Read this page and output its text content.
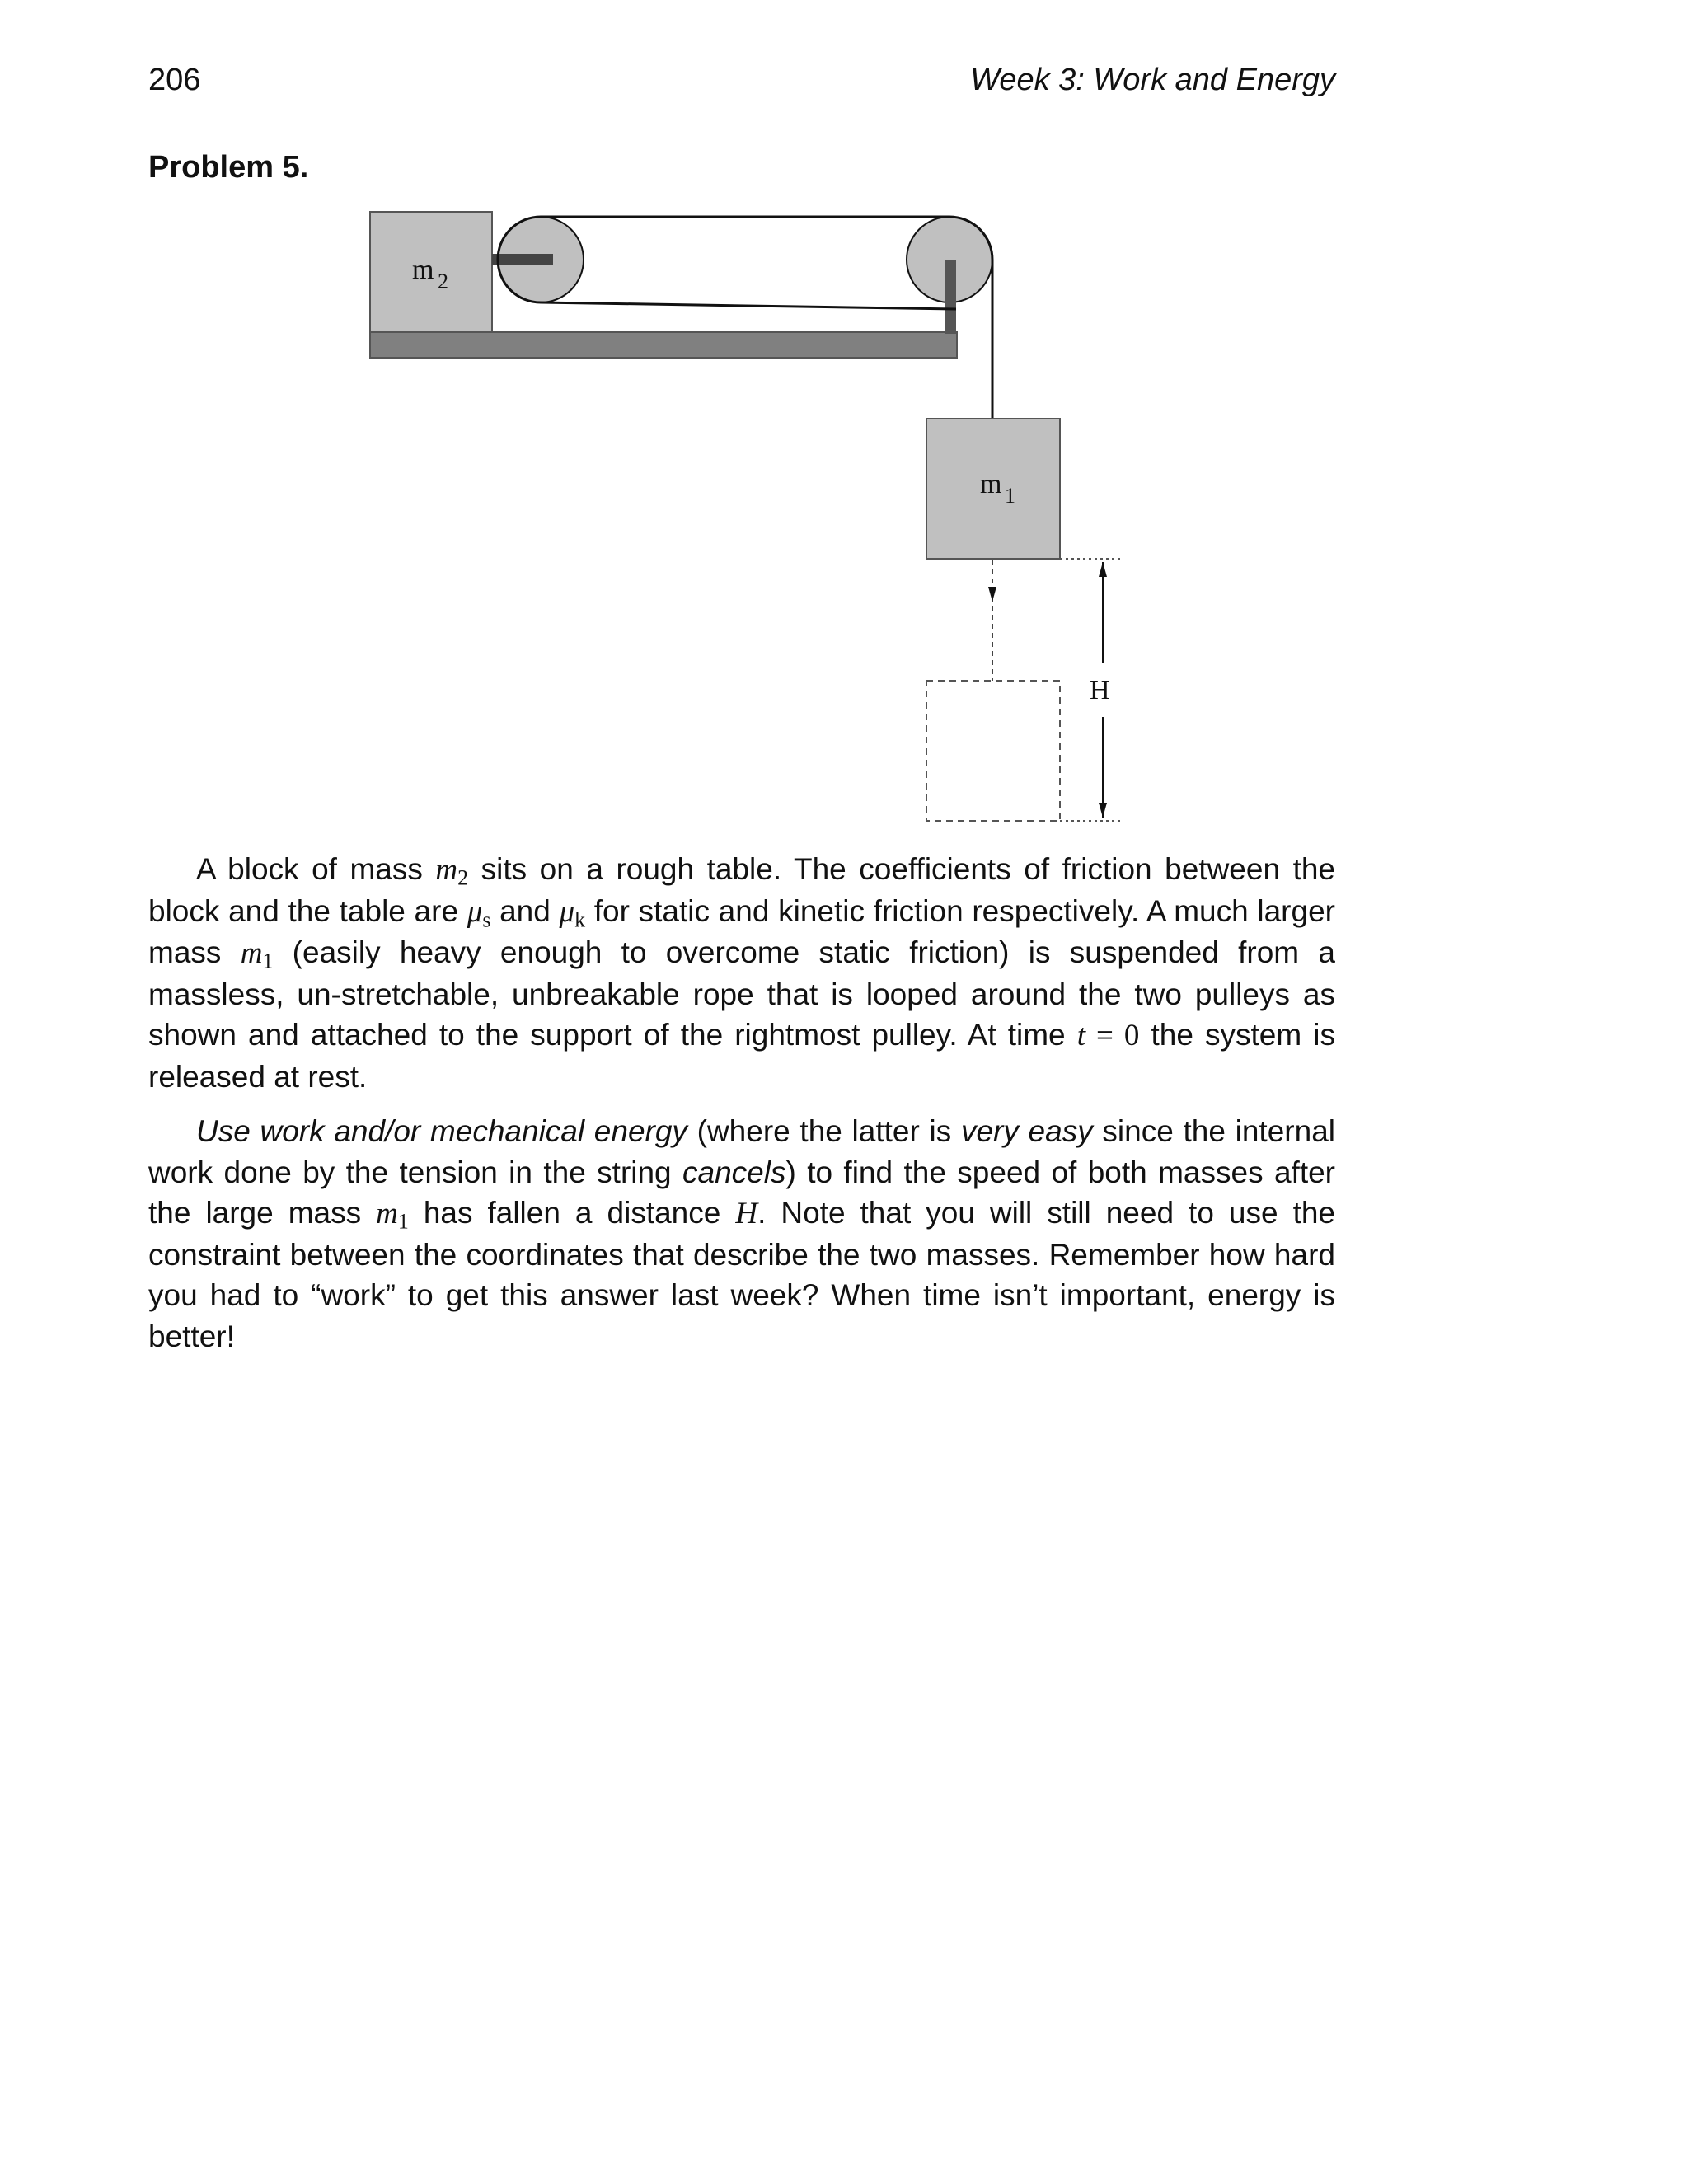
206	Week 3: Work and Energy
Problem 5.
m 2
m 1
H

A block of mass $m_2$ sits on a rough table. The coefficients of friction between the block and the table are $\mu_s$ and $\mu_k$ for static and kinetic friction respectively. A much larger mass $m_1$ (easily heavy enough to overcome static friction) is suspended from a massless, un-stretchable, unbreakable rope that is looped around the two pulleys as shown and attached to the support of the rightmost pulley. At time t = 0 the system is released at rest.

Use work and/or mechanical energy (where the latter is very easy since the internal work done by the tension in the string cancels) to find the speed of both masses after the large mass $m_1$ has fallen a distance H. Note that you will still need to use the constraint between the coordinates that describe the two masses. Remember how hard you had to “work” to get this answer last week? When time isn’t important, energy is better!
